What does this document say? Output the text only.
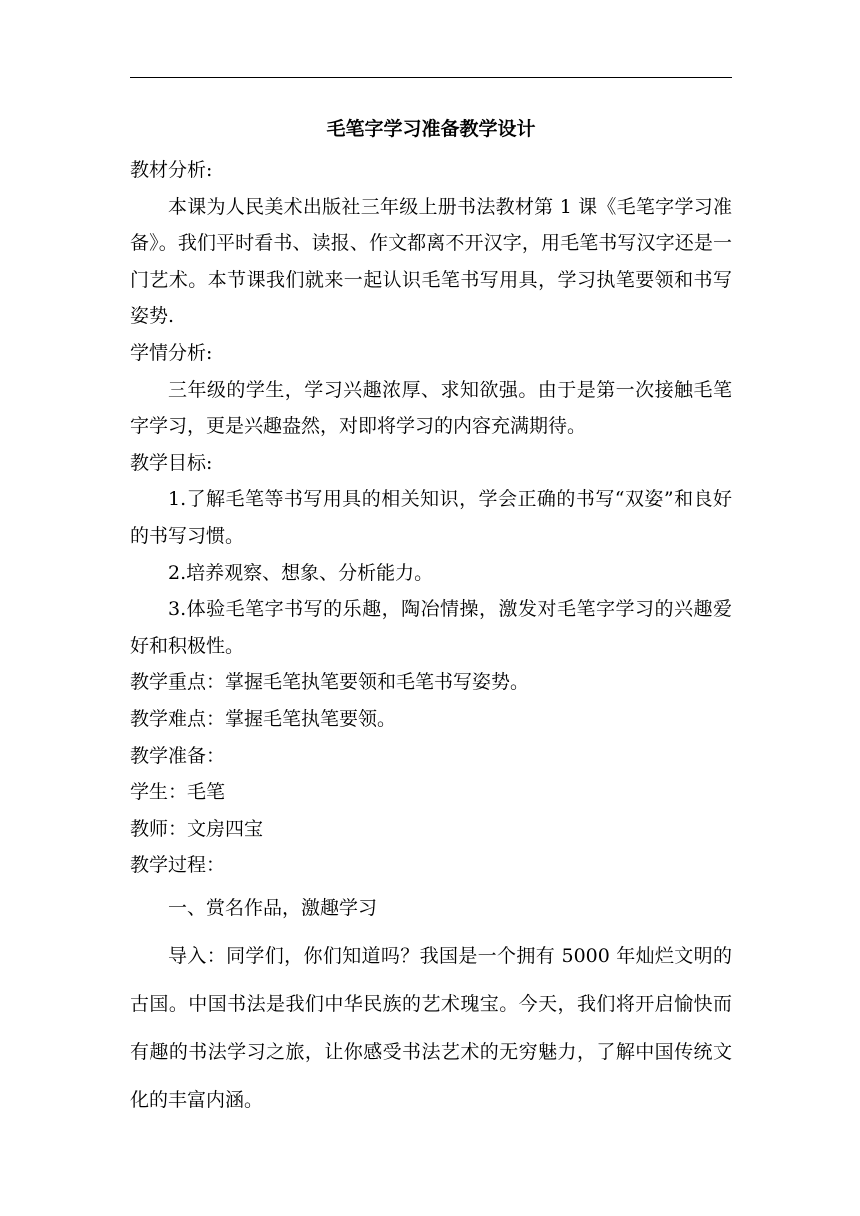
毛笔字学习准备教学设计
教材分析:
本课为人民美术出版社三年级上册书法教材第 1 课《毛笔字学习准备》。我们平时看书、读报、作文都离不开汉字，用毛笔书写汉字还是一门艺术。本节课我们就来一起认识毛笔书写用具，学习执笔要领和书写姿势.
学情分析:
三年级的学生，学习兴趣浓厚、求知欲强。由于是第一次接触毛笔字学习，更是兴趣盎然，对即将学习的内容充满期待。
教学目标:
1.了解毛笔等书写用具的相关知识，学会正确的书写“双姿”和良好的书写习惯。
2.培养观察、想象、分析能力。
3.体验毛笔字书写的乐趣，陶冶情操，激发对毛笔字学习的兴趣爱好和积极性。
教学重点：掌握毛笔执笔要领和毛笔书写姿势。
教学难点：掌握毛笔执笔要领。
教学准备：
学生：毛笔
教师：文房四宝
教学过程：
一、赏名作品，激趣学习
导入：同学们，你们知道吗？我国是一个拥有 5000 年灿烂文明的古国。中国书法是我们中华民族的艺术瑰宝。今天，我们将开启愉快而有趣的书法学习之旅，让你感受书法艺术的无穷魅力，了解中国传统文化的丰富内涵。
